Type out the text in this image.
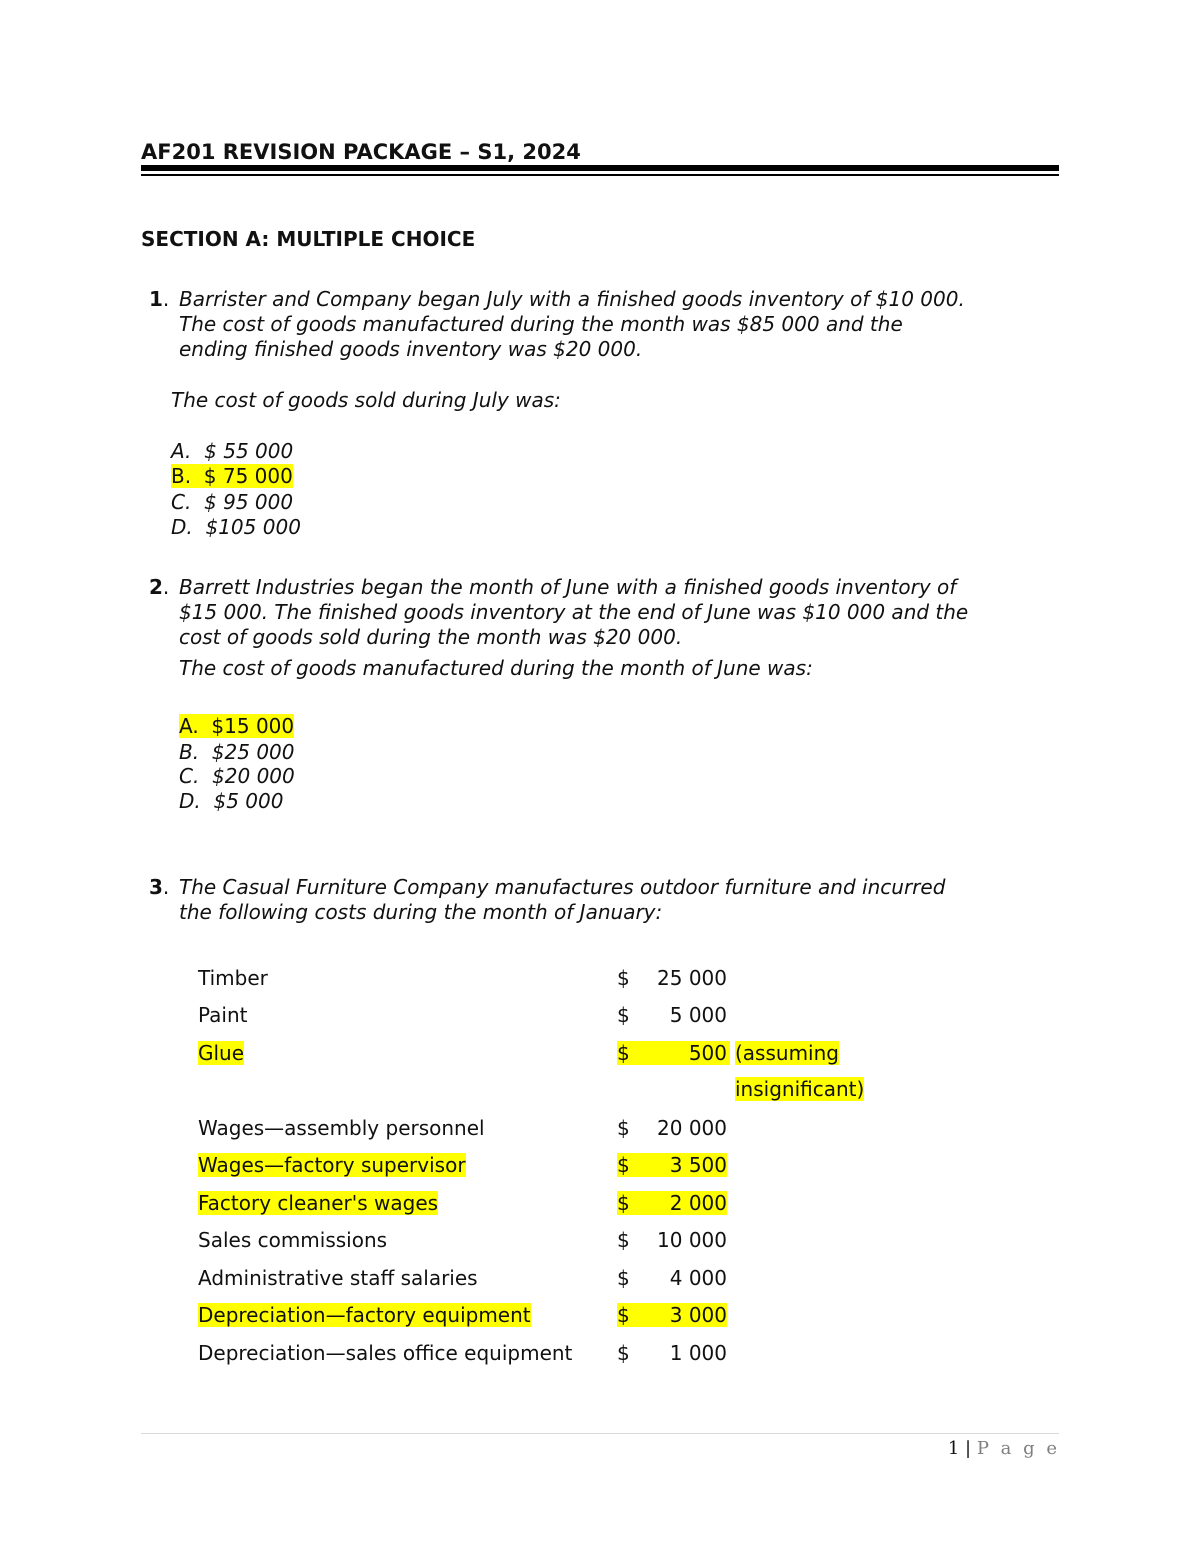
AF201 REVISION PACKAGE – S1, 2024
SECTION A: MULTIPLE CHOICE
1. Barrister and Company began July with a finished goods inventory of $10 000.
The cost of goods manufactured during the month was $85 000 and the
ending finished goods inventory was $20 000.
The cost of goods sold during July was:
A. $ 55 000
B. $ 75 000
C. $ 95 000
D. $105 000
2. Barrett Industries began the month of June with a finished goods inventory of
$15 000. The finished goods inventory at the end of June was $10 000 and the
cost of goods sold during the month was $20 000.
The cost of goods manufactured during the month of June was:
A. $15 000
B. $25 000
C. $20 000
D. $5 000
3. The Casual Furniture Company manufactures outdoor furniture and incurred
the following costs during the month of January:
Timber	$ 25 000
Paint	$ 5 000
Glue	$	500 (assuming
insignificant)
Wages—assembly personnel	$ 20 000
Wages—factory supervisor	$	3 500
Factory cleaner's wages	$	2 000
Sales commissions	$ 10 000
Administrative staff salaries	$ 4 000
Depreciation—factory equipment	$	3 000
Depreciation—sales office equipment $ 1 000
1 | P a g e
